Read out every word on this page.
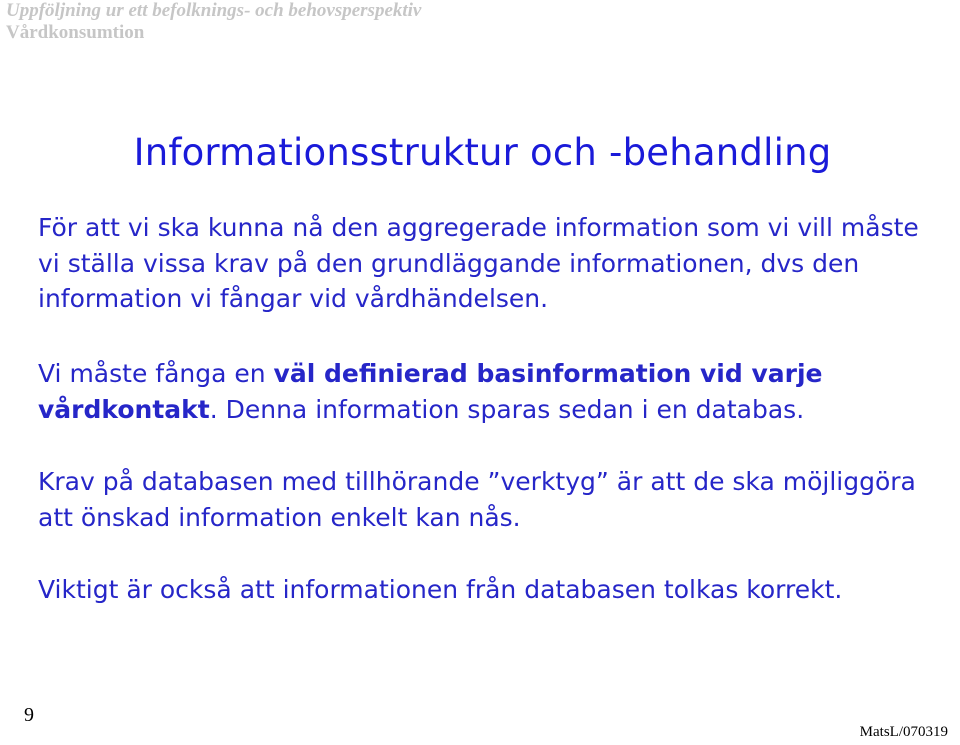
Uppföljning ur ett befolknings- och behovsperspektiv
Vårdkonsumtion
Informationsstruktur och -behandling
För att vi ska kunna nå den aggregerade information som vi vill måste vi ställa vissa krav på den grundläggande informationen, dvs den information vi fångar vid vårdhändelsen.
Vi måste fånga en väl definierad basinformation vid varje vårdkontakt. Denna information sparas sedan i en databas.
Krav på databasen med tillhörande ”verktyg” är att de ska möjliggöra att önskad information enkelt kan nås.
Viktigt är också att informationen från databasen tolkas korrekt.
9
MatsL/070319
